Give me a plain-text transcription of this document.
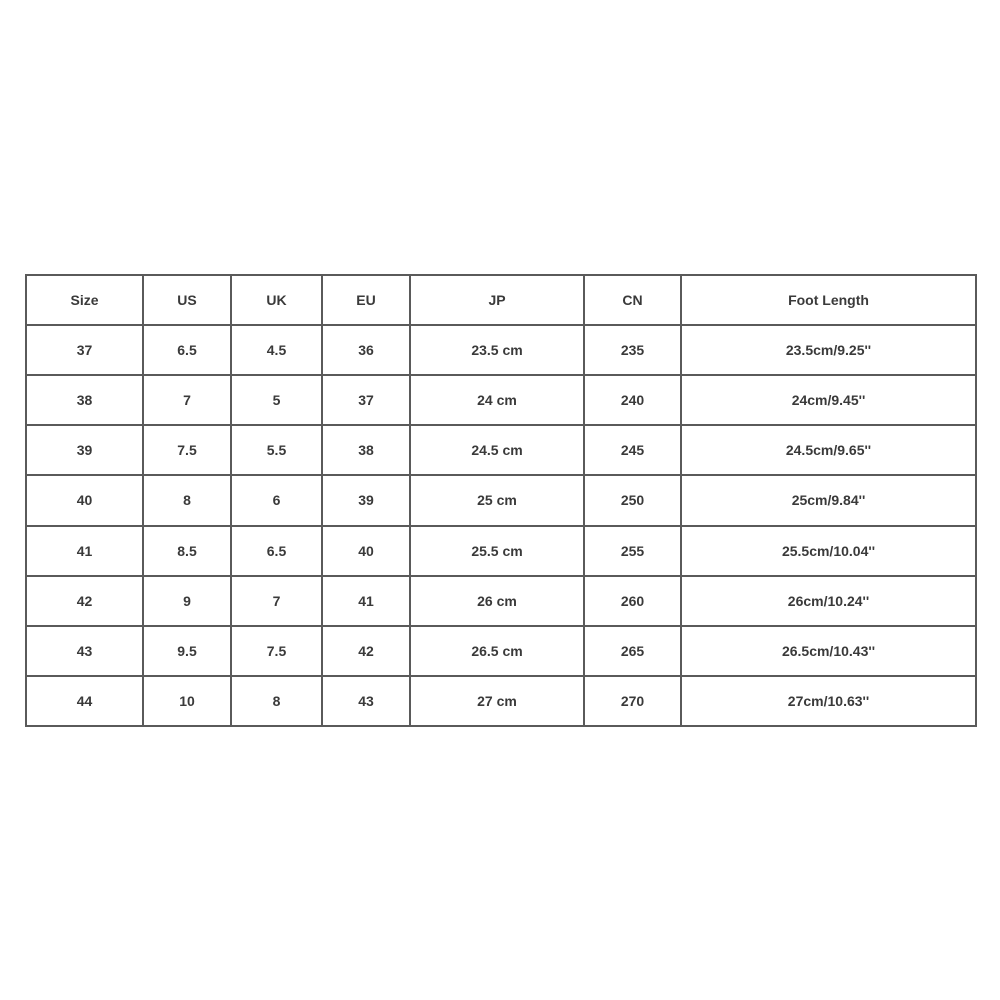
Size	US	UK	EU	JP	CN	Foot Length
37	6.5	4.5	36	23.5 cm	235	23.5cm/9.25''
38	7	5	37	24 cm	240	24cm/9.45''
39	7.5	5.5	38	24.5 cm	245	24.5cm/9.65''
40	8	6	39	25 cm	250	25cm/9.84''
41	8.5	6.5	40	25.5 cm	255	25.5cm/10.04''
42	9	7	41	26 cm	260	26cm/10.24''
43	9.5	7.5	42	26.5 cm	265	26.5cm/10.43''
44	10	8	43	27 cm	270	27cm/10.63''
